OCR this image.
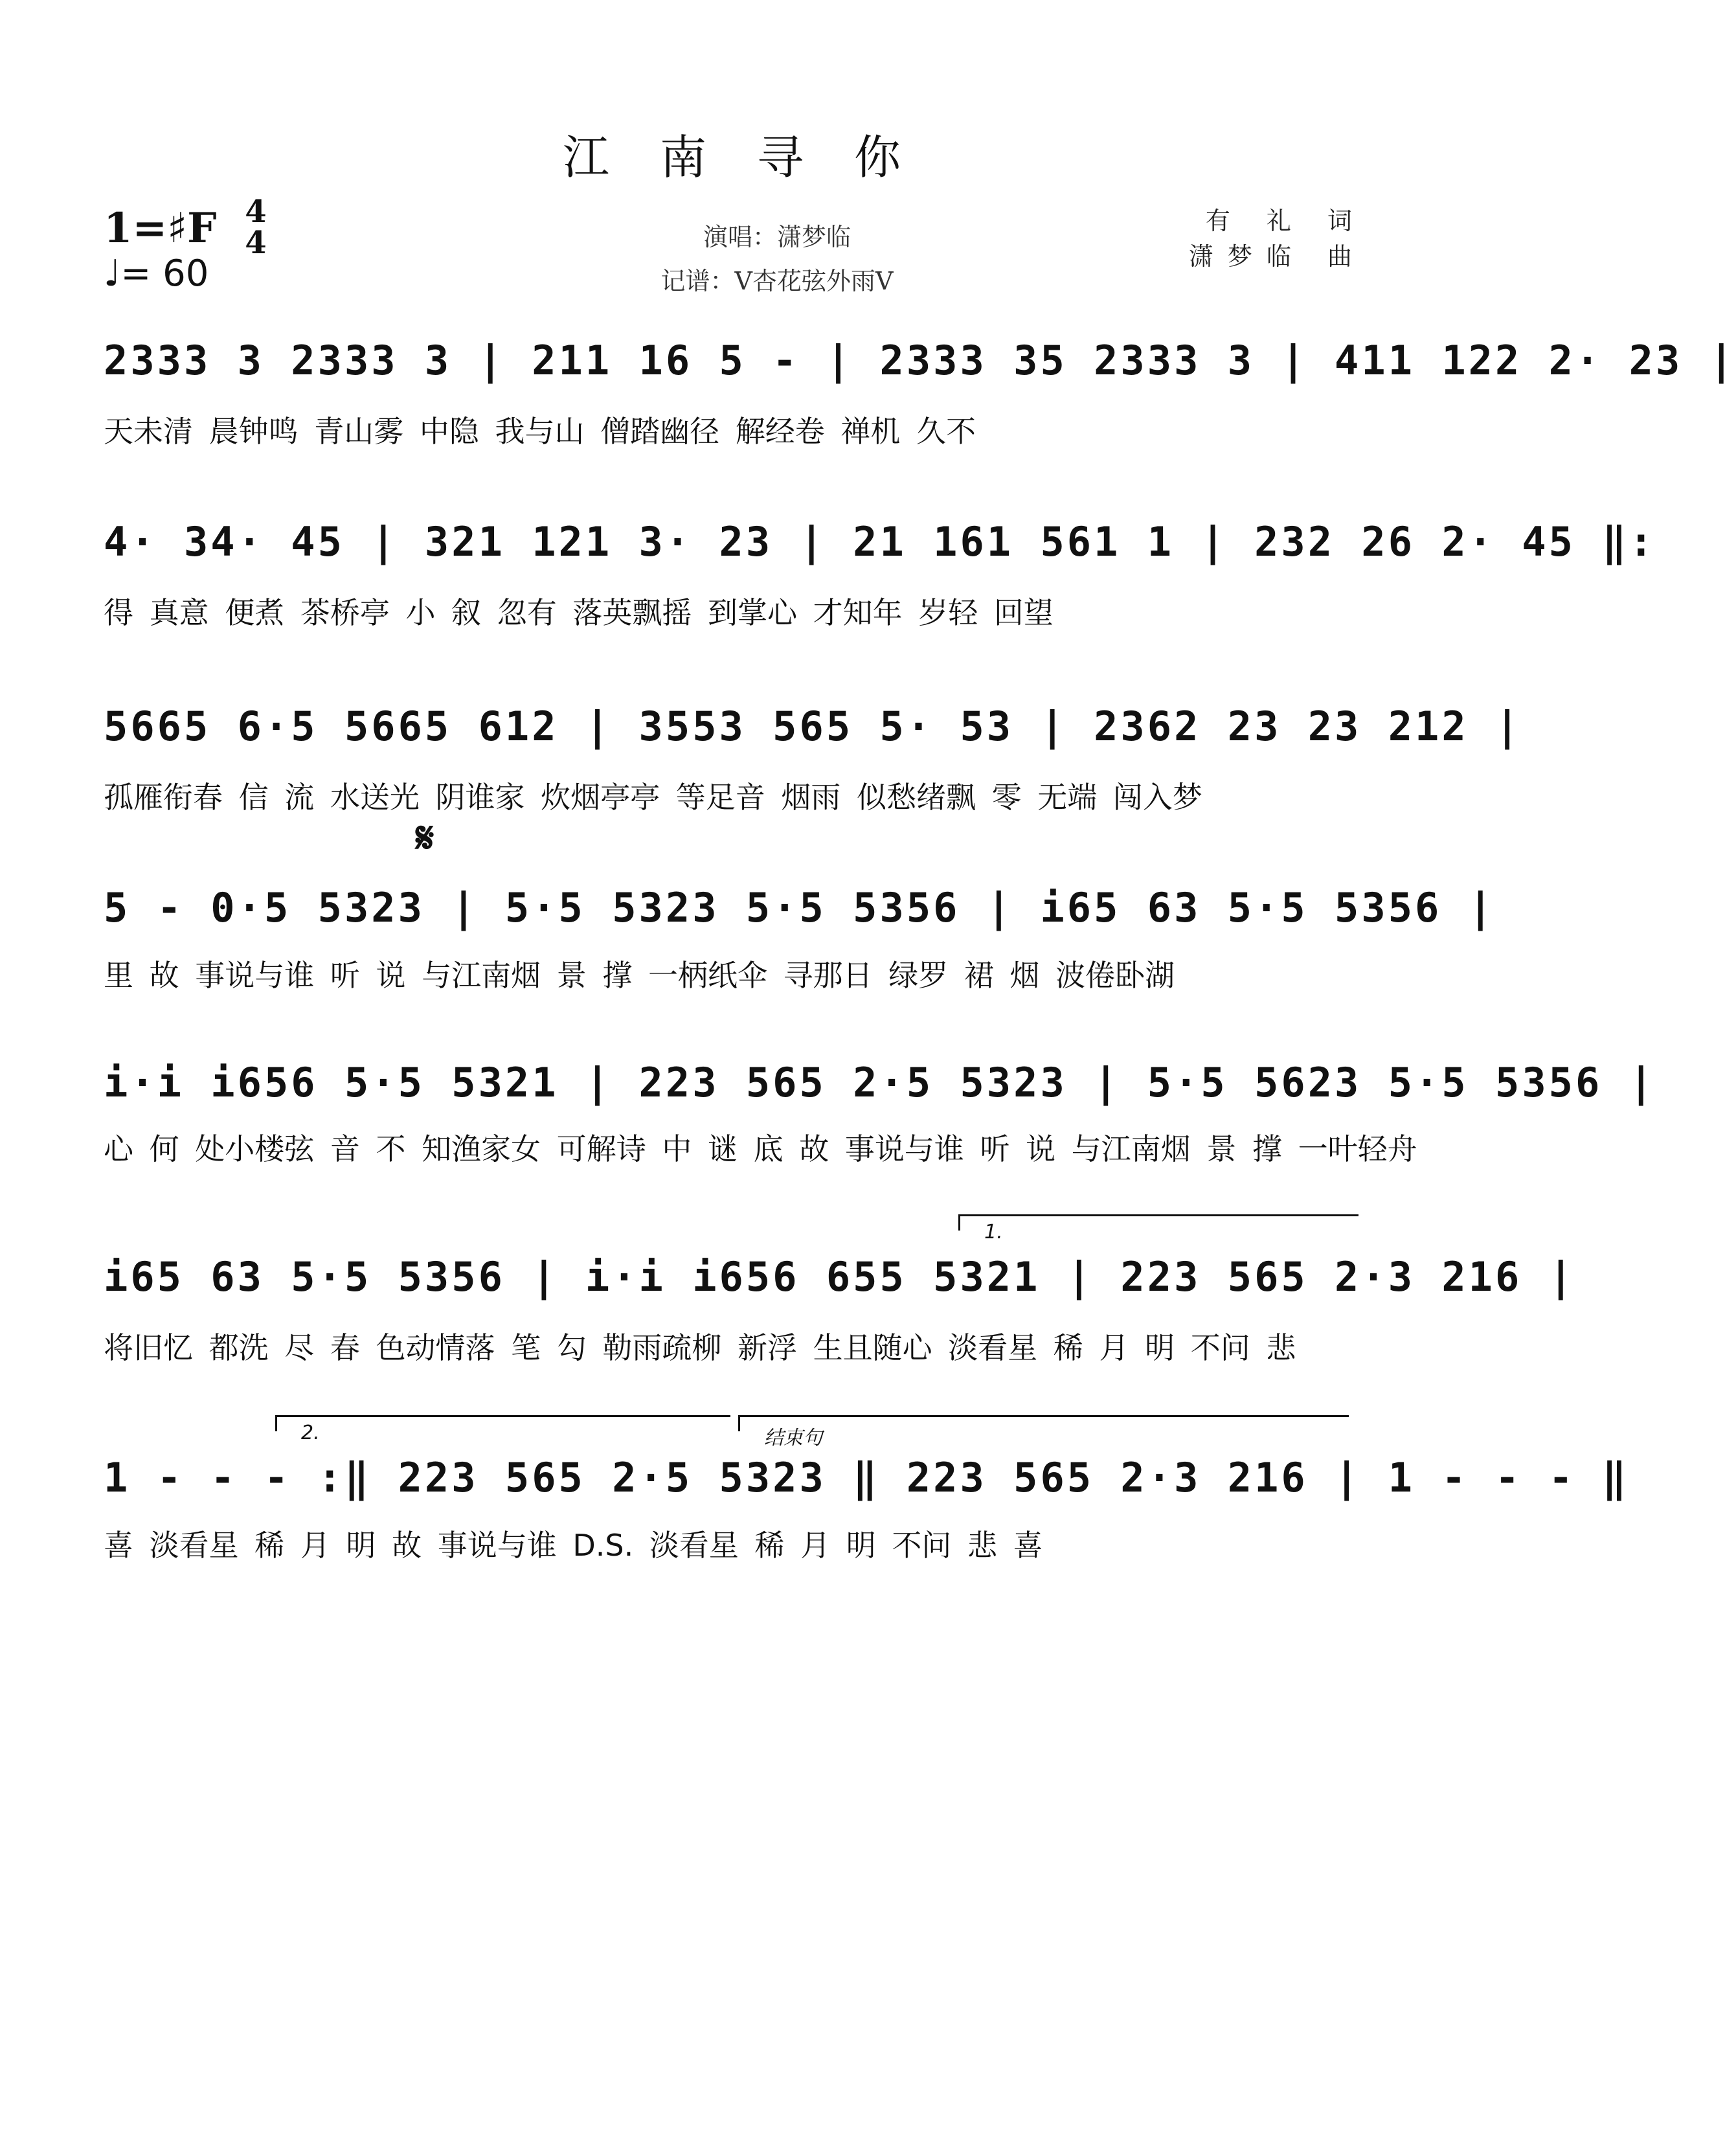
江南寻你
演唱：潇梦临
记谱：V杏花弦外雨V
有 礼 词
潇梦临 曲
1=♯F 4
4
♩= 60
𝄋
2333 3 2333 3 | 211 16 5 - | 2333 35 2333 3 | 411 122 2· 23 |
天未清 晨钟鸣 青山雾 中隐 我与山 僧踏幽径 解经卷 禅机 久不
4· 34· 45 | 321 121 3· 23 | 21 161 561 1 | 232 26 2· 45 ‖:
得 真意 便煮 茶桥亭 小 叙 忽有 落英飘摇 到掌心 才知年 岁轻 回望
5665 6·5 5665 612 | 3553 565 5· 53 | 2362 23 23 212 |
孤雁衔春 信 流 水送光 阴谁家 炊烟亭亭 等足音 烟雨 似愁绪飘 零 无端 闯入梦
5 - 0·5 5323 | 5·5 5323 5·5 5356 | i65 63 5·5 5356 |
里 故 事说与谁 听 说 与江南烟 景 撑 一柄纸伞 寻那日 绿罗 裙 烟 波倦卧湖
i·i i656 5·5 5321 | 223 565 2·5 5323 | 5·5 5623 5·5 5356 |
心 何 处小楼弦 音 不 知渔家女 可解诗 中 谜 底 故 事说与谁 听 说 与江南烟 景 撑 一叶轻舟
1.
i65 63 5·5 5356 | i·i i656 655 5321 | 223 565 2·3 216 |
将旧忆 都洗 尽 春 色动情落 笔 勾 勒雨疏柳 新浮 生且随心 淡看星 稀 月 明 不问 悲
2.	结束句
1 - - - :‖ 223 565 2·5 5323 ‖ 223 565 2·3 216 | 1 - - - ‖
喜 淡看星 稀 月 明 故 事说与谁 D.S. 淡看星 稀 月 明 不问 悲 喜
